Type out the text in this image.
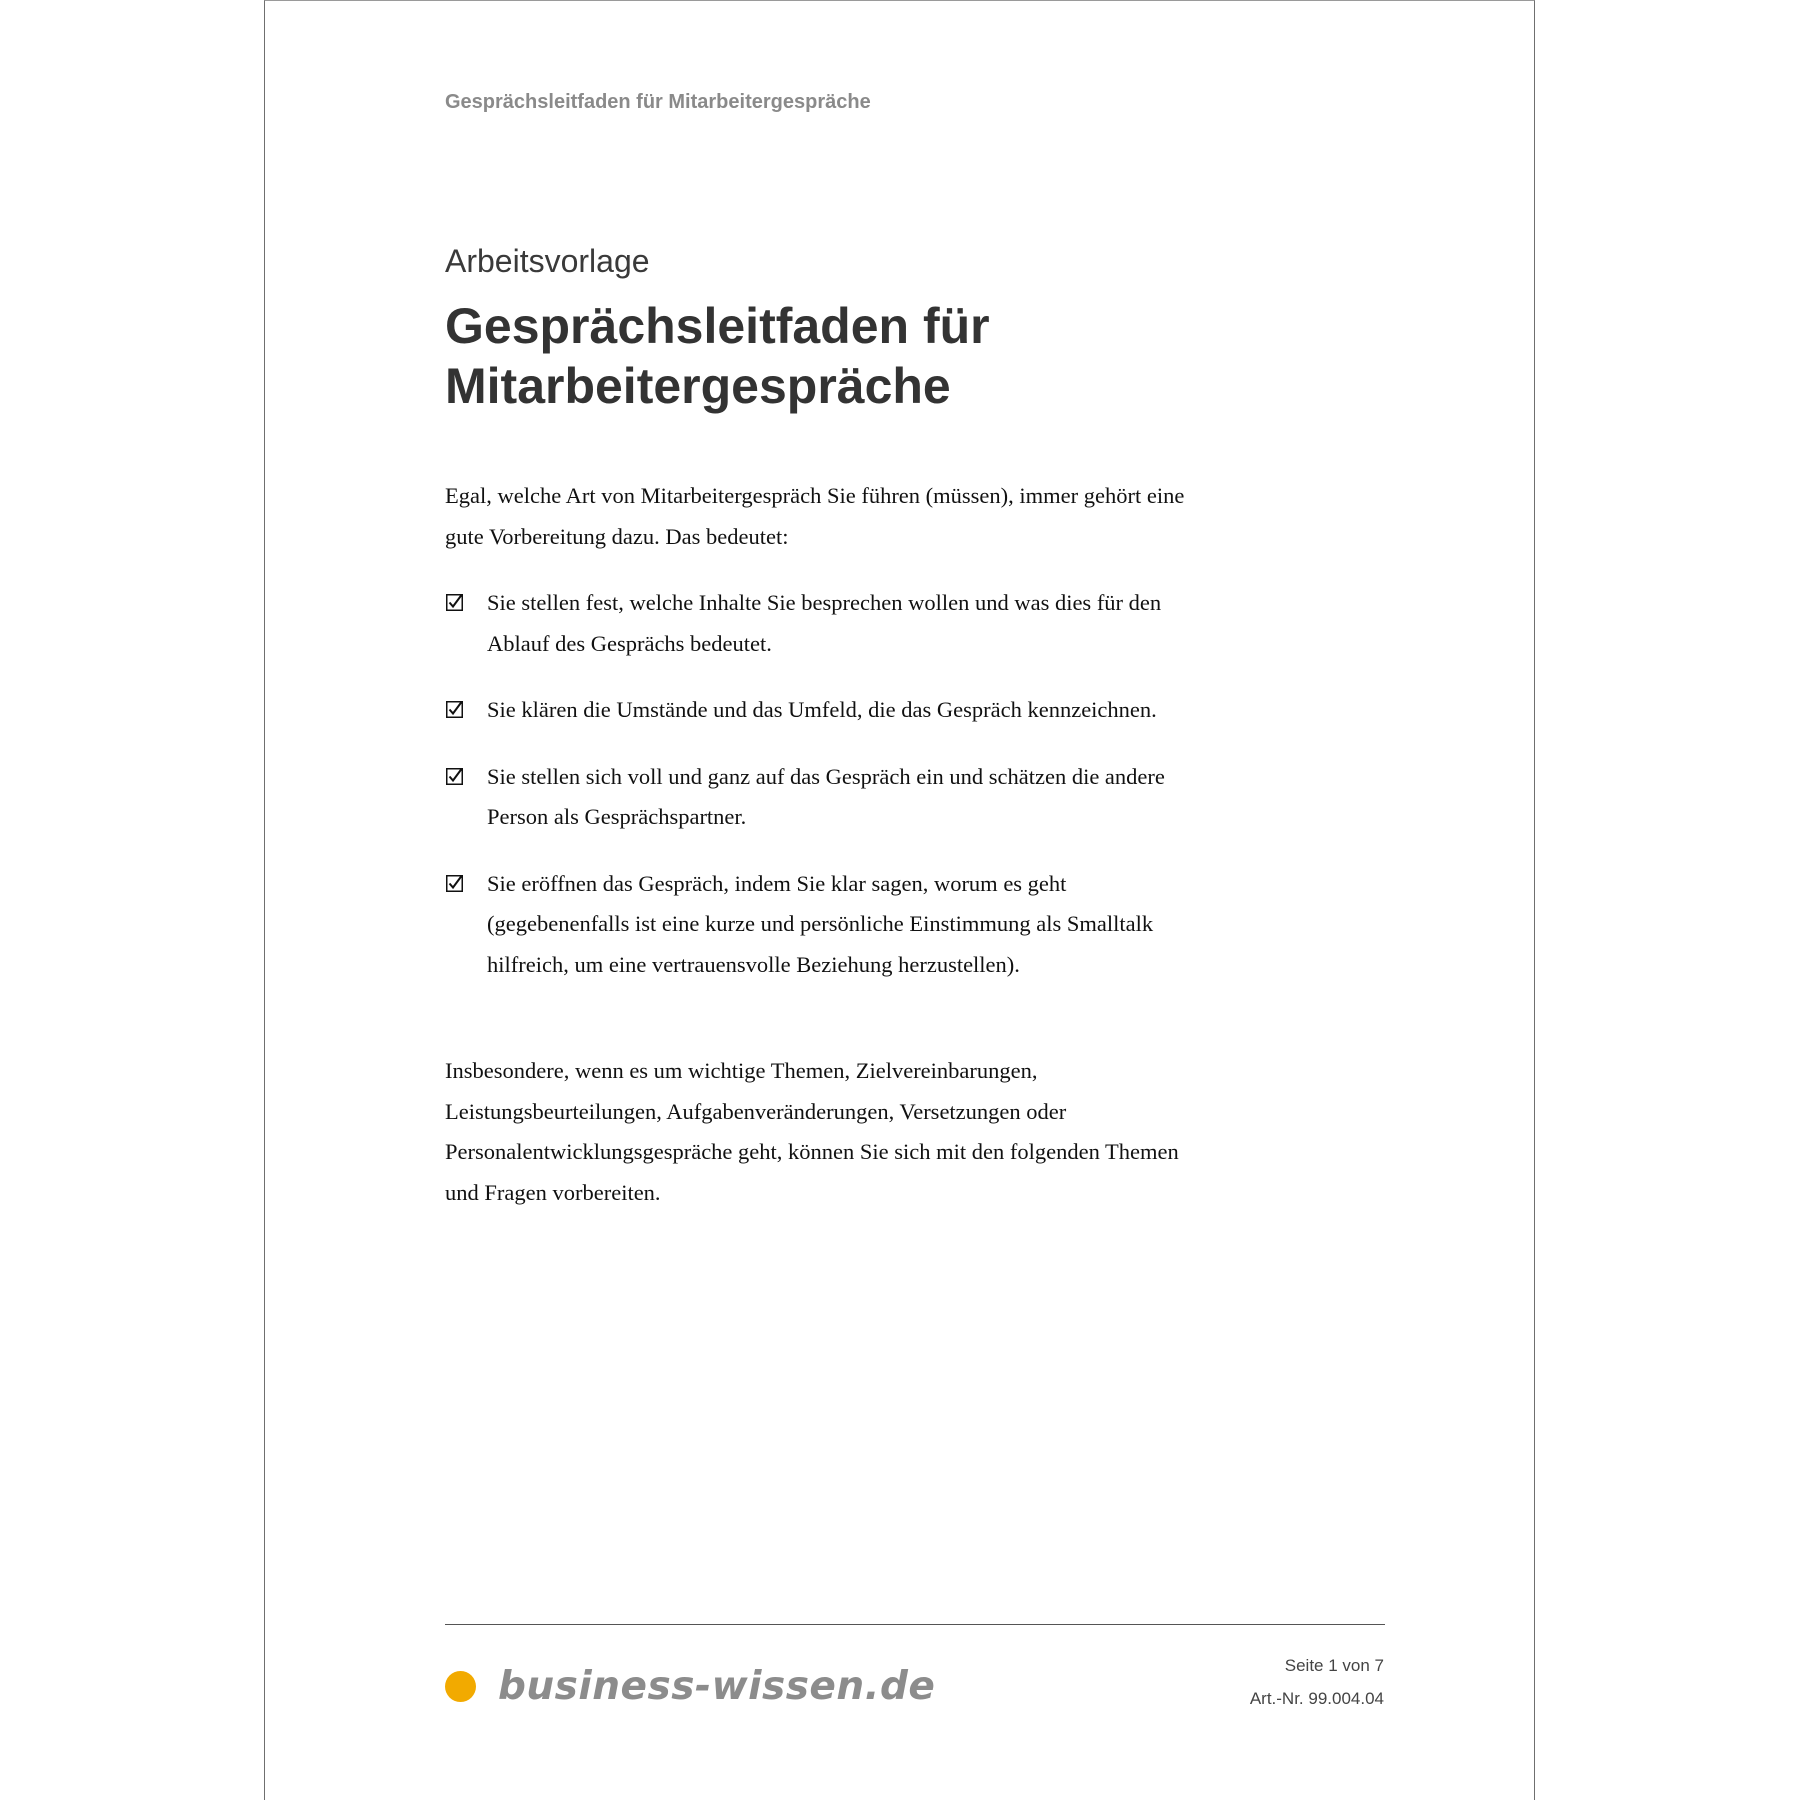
Gesprächsleitfaden für Mitarbeitergespräche
Arbeitsvorlage
Gesprächsleitfaden für
Mitarbeitergespräche

Egal, welche Art von Mitarbeitergespräch Sie führen (müssen), immer gehört eine gute Vorbereitung dazu. Das bedeutet:

Sie stellen fest, welche Inhalte Sie besprechen wollen und was dies für den Ablauf des Gesprächs bedeutet.
Sie klären die Umstände und das Umfeld, die das Gespräch kennzeichnen.
Sie stellen sich voll und ganz auf das Gespräch ein und schätzen die andere Person als Gesprächspartner.
Sie eröffnen das Gespräch, indem Sie klar sagen, worum es geht (gegebenenfalls ist eine kurze und persönliche Einstimmung als Smalltalk hilfreich, um eine vertrauensvolle Beziehung herzustellen).

Insbesondere, wenn es um wichtige Themen, Zielvereinbarungen, Leistungsbeurteilungen, Aufgabenveränderungen, Versetzungen oder Personalentwicklungsgespräche geht, können Sie sich mit den folgenden Themen und Fragen vorbereiten.

business-wissen.de	Seite 1 von 7
Art.-Nr. 99.004.04
